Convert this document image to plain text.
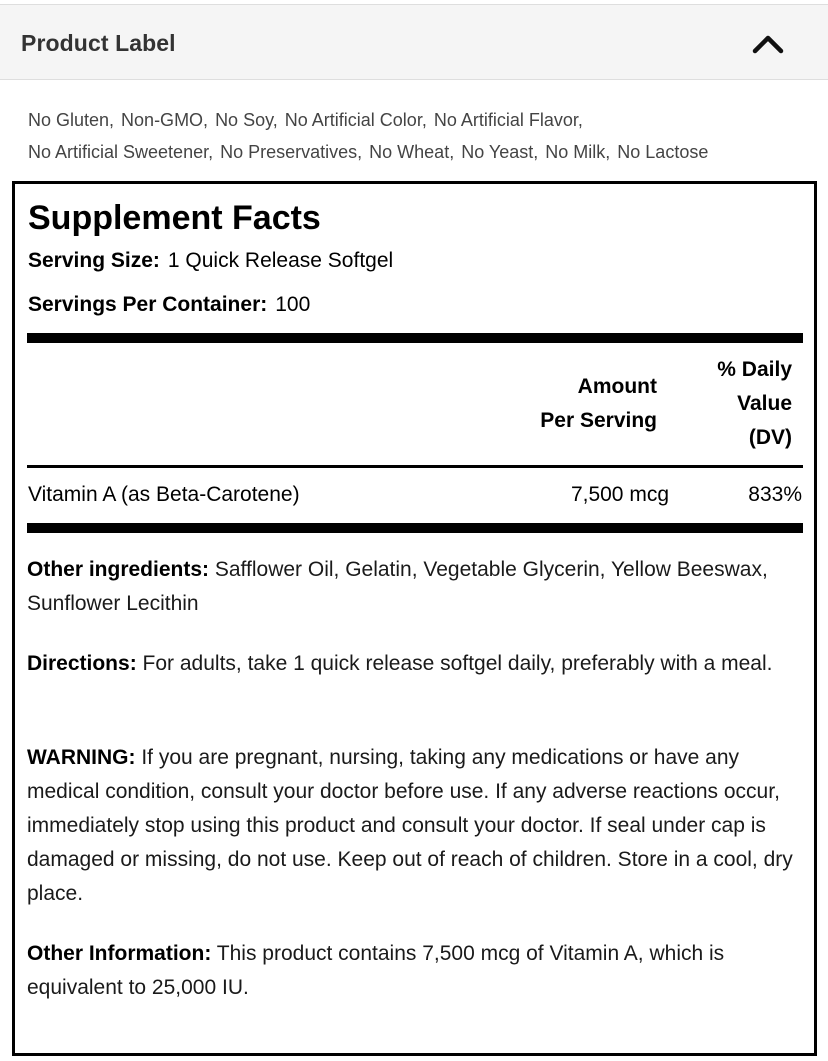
Product Label
No Gluten, Non-GMO, No Soy, No Artificial Color, No Artificial Flavor,
No Artificial Sweetener, No Preservatives, No Wheat, No Yeast, No Milk, No Lactose
Supplement Facts
Serving Size: 1 Quick Release Softgel
Servings Per Container: 100
Amount
Per Serving
% Daily
Value
(DV)
Vitamin A (as Beta-Carotene)	7,500 mcg	833%
Other ingredients: Safflower Oil, Gelatin, Vegetable Glycerin, Yellow Beeswax, Sunflower Lecithin
Directions: For adults, take 1 quick release softgel daily, preferably with a meal.
WARNING: If you are pregnant, nursing, taking any medications or have any medical condition, consult your doctor before use. If any adverse reactions occur, immediately stop using this product and consult your doctor. If seal under cap is damaged or missing, do not use. Keep out of reach of children. Store in a cool, dry place.
Other Information: This product contains 7,500 mcg of Vitamin A, which is equivalent to 25,000 IU.
